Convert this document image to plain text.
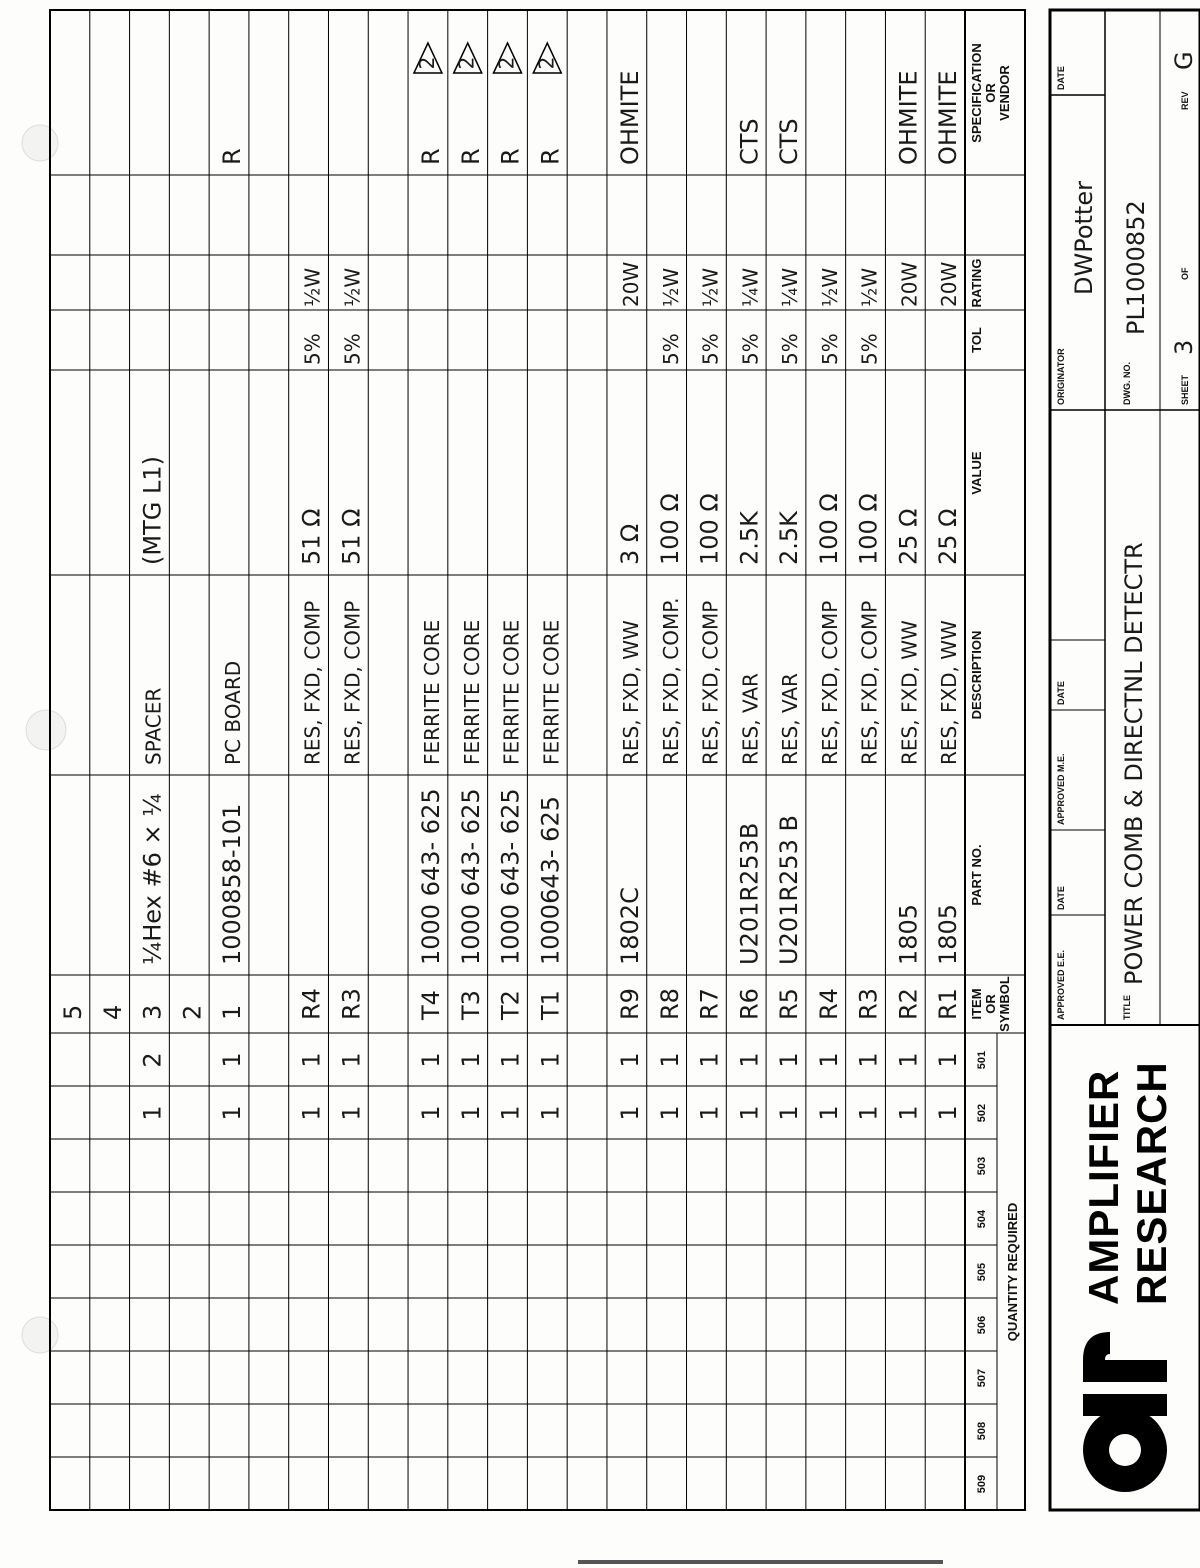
509
508
507
506
505
504
503
502
501
QUANTITY REQUIRED
ITEM OR SYMBOL
PART NO.
DESCRIPTION
VALUE
TOL
RATING
SPECIFICATION OR VENDOR
5 4
1
2
3
¼Hex #6 × ¼
SPACER
(MTG L1)
2
1
1
1
1000858-101
PC BOARD
R
1
1
R4
RES, FXD, COMP
51 Ω
5%
½W
1
1
R3
RES, FXD, COMP
51 Ω
5%
½W
1
1
T4
1000 643- 625
FERRITE CORE
R
2
1
1
T3
1000 643- 625
FERRITE CORE
R
2
1
1
T2
1000 643- 625
FERRITE CORE
R
2
1
1
T1
1000643- 625
FERRITE CORE
R
2
1
1
R9
1802C
RES, FXD, WW
3 Ω
20W
OHMITE
1
1
R8
RES, FXD, COMP.
100 Ω
5%
½W
1
1
R7
RES, FXD, COMP
100 Ω
5%
½W
1
1
R6
U201R253B
RES, VAR
2.5K
5%
¼W
CTS
1
1
R5
U201R253 B
RES, VAR
2.5K
5%
¼W
CTS
1
1
R4
RES, FXD, COMP
100 Ω
5%
½W
1
1
R3
RES, FXD, COMP
100 Ω
5%
½W
1
1
R2
1805
RES, FXD, WW
25 Ω
20W
OHMITE
1
1
R1
1805
RES, FXD, WW
25 Ω
20W
OHMITE
AMPLIFIER RESEARCH
APPROVED E.E.
DATE
APPROVED M.E.
DATE
ORIGINATOR
DWPotter
DATE
TITLE
POWER COMB & DIRECTNL DETECTR
DWG. NO.
PL1000852
SHEET
3
OF
REV
G
